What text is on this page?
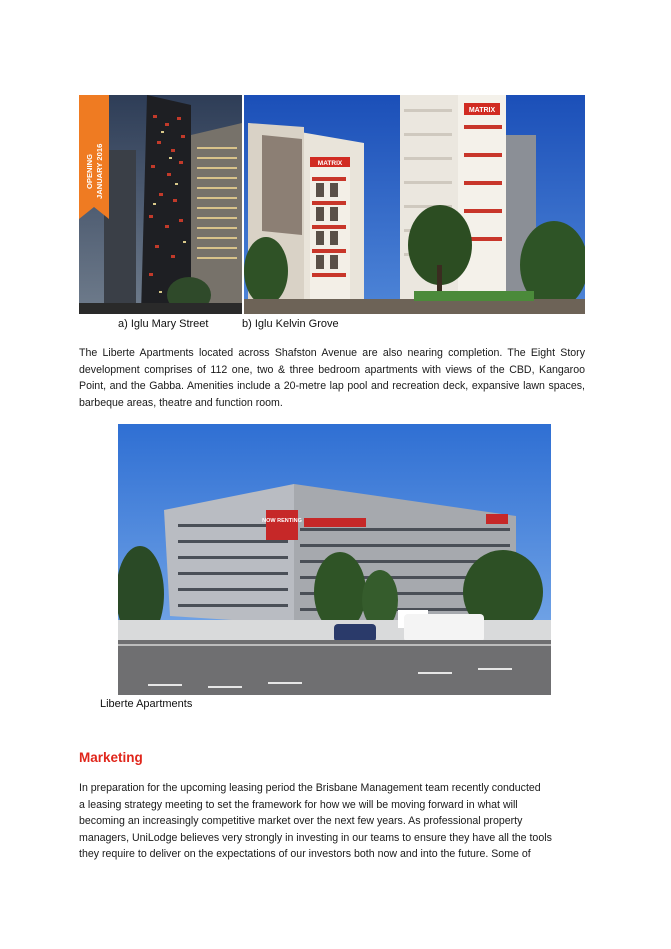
OPENING JANUARY 2016	MATRIX
MATRIX
a) Iglu Mary Street	b) Iglu Kelvin Grove
The Liberte Apartments located across Shafston Avenue are also nearing completion. The Eight Story development comprises of 112 one, two & three bedroom apartments with views of the CBD, Kangaroo Point, and the Gabba. Amenities include a 20-metre lap pool and recreation deck, expansive lawn spaces, barbeque areas, theatre and function room.
NOW RENTING
Liberte Apartments
Marketing
In preparation for the upcoming leasing period the Brisbane Management team recently conducted
a leasing strategy meeting to set the framework for how we will be moving forward in what will
becoming an increasingly competitive market over the next few years. As professional property
managers, UniLodge believes very strongly in investing in our teams to ensure they have all the tools
they require to deliver on the expectations of our investors both now and into the future. Some of
